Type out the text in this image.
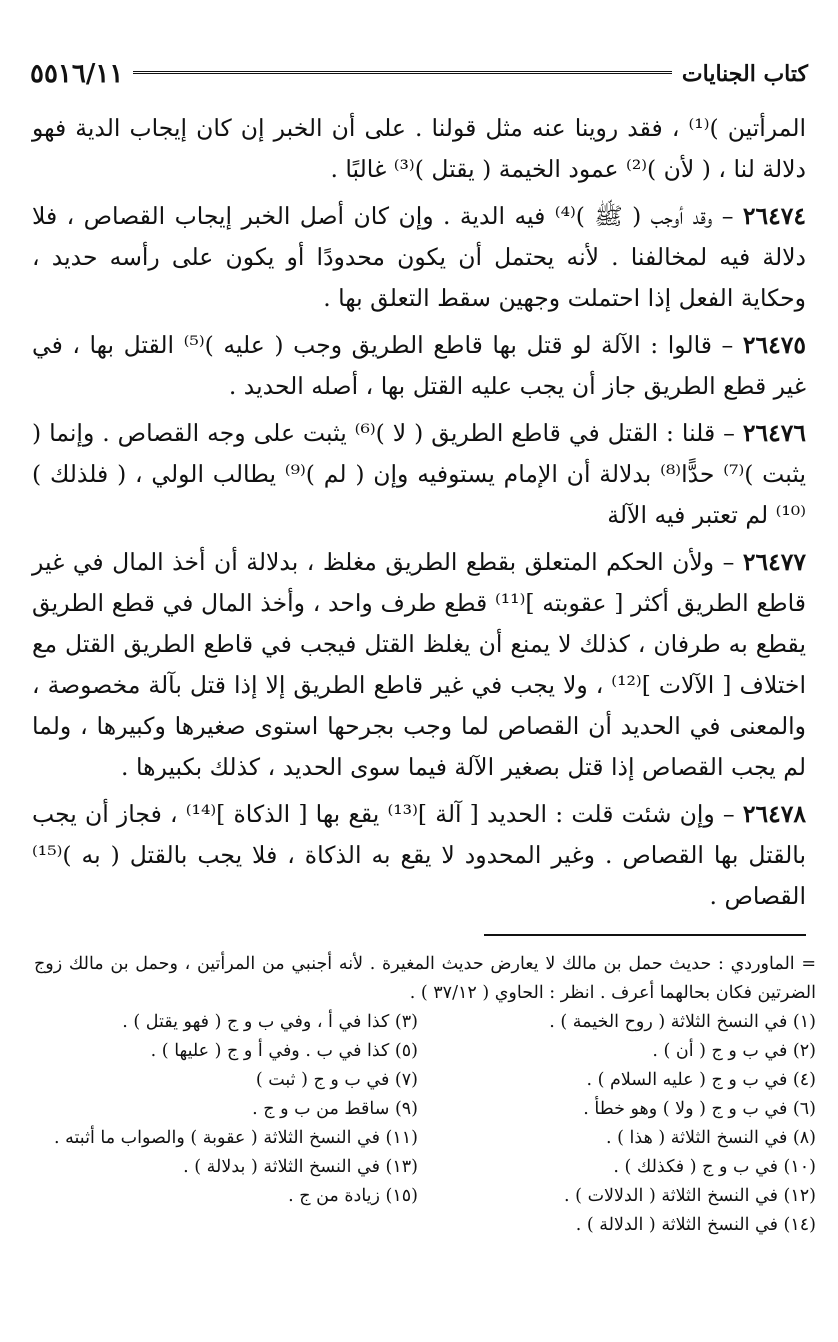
كتاب الجنايات
٥٥١٦/١١

المرأتين )⁽¹⁾ ، فقد روينا عنه مثل قولنا . على أن الخبر إن كان إيجاب الدية فهو دلالة لنا ، ( لأن )⁽²⁾ عمود الخيمة ( يقتل )⁽³⁾ غالبًا .

٢٦٤٧٤ – وقد أوجب ( ﷺ )⁽⁴⁾ فيه الدية . وإن كان أصل الخبر إيجاب القصاص ، فلا دلالة فيه لمخالفنا . لأنه يحتمل أن يكون محدودًا أو يكون على رأسه حديد ، وحكاية الفعل إذا احتملت وجهين سقط التعلق بها .

٢٦٤٧٥ – قالوا : الآلة لو قتل بها قاطع الطريق وجب ( عليه )⁽⁵⁾ القتل بها ، في غير قطع الطريق جاز أن يجب عليه القتل بها ، أصله الحديد .

٢٦٤٧٦ – قلنا : القتل في قاطع الطريق ( لا )⁽⁶⁾ يثبت على وجه القصاص . وإنما ( يثبت )⁽⁷⁾ حدًّا⁽⁸⁾ بدلالة أن الإمام يستوفيه وإن ( لم )⁽⁹⁾ يطالب الولي ، ( فلذلك )⁽¹⁰⁾ لم تعتبر فيه الآلة

٢٦٤٧٧ – ولأن الحكم المتعلق بقطع الطريق مغلظ ، بدلالة أن أخذ المال في غير قاطع الطريق أكثر [ عقوبته ]⁽¹¹⁾ قطع طرف واحد ، وأخذ المال في قطع الطريق يقطع به طرفان ، كذلك لا يمنع أن يغلظ القتل فيجب في قاطع الطريق القتل مع اختلاف [ الآلات ]⁽¹²⁾ ، ولا يجب في غير قاطع الطريق إلا إذا قتل بآلة مخصوصة ، والمعنى في الحديد أن القصاص لما وجب بجرحها استوى صغيرها وكبيرها ، ولما لم يجب القصاص إذا قتل بصغير الآلة فيما سوى الحديد ، كذلك بكبيرها .

٢٦٤٧٨ – وإن شئت قلت : الحديد [ آلة ]⁽¹³⁾ يقع بها [ الذكاة ]⁽¹⁴⁾ ، فجاز أن يجب بالقتل بها القصاص . وغير المحدود لا يقع به الذكاة ، فلا يجب بالقتل ( به )⁽¹⁵⁾ القصاص .

= الماوردي : حديث حمل بن مالك لا يعارض حديث المغيرة . لأنه أجنبي من المرأتين ، وحمل بن مالك زوج الضرتين فكان بحالهما أعرف . انظر : الحاوي ( ٣٧/١٢ ) .

(١) في النسخ الثلاثة ( روح الخيمة ) .
(٣) كذا في أ ، وفي ب و ج ( فهو يقتل ) .
(٢) في ب و ج ( أن ) .
(٥) كذا في ب . وفي أ و ج ( عليها ) .
(٤) في ب و ج ( عليه السلام ) .
(٧) في ب و ج ( ثبت )
(٦) في ب و ج ( ولا ) وهو خطأ .
(٩) ساقط من ب و ج .
(٨) في النسخ الثلاثة ( هذا ) .
(١١) في النسخ الثلاثة ( عقوبة ) والصواب ما أثبته .
(١٠) في ب و ج ( فكذلك ) .
(١٣) في النسخ الثلاثة ( بدلالة ) .
(١٢) في النسخ الثلاثة ( الدلالات ) .
(١٥) زيادة من ج .
(١٤) في النسخ الثلاثة ( الدلالة ) .
